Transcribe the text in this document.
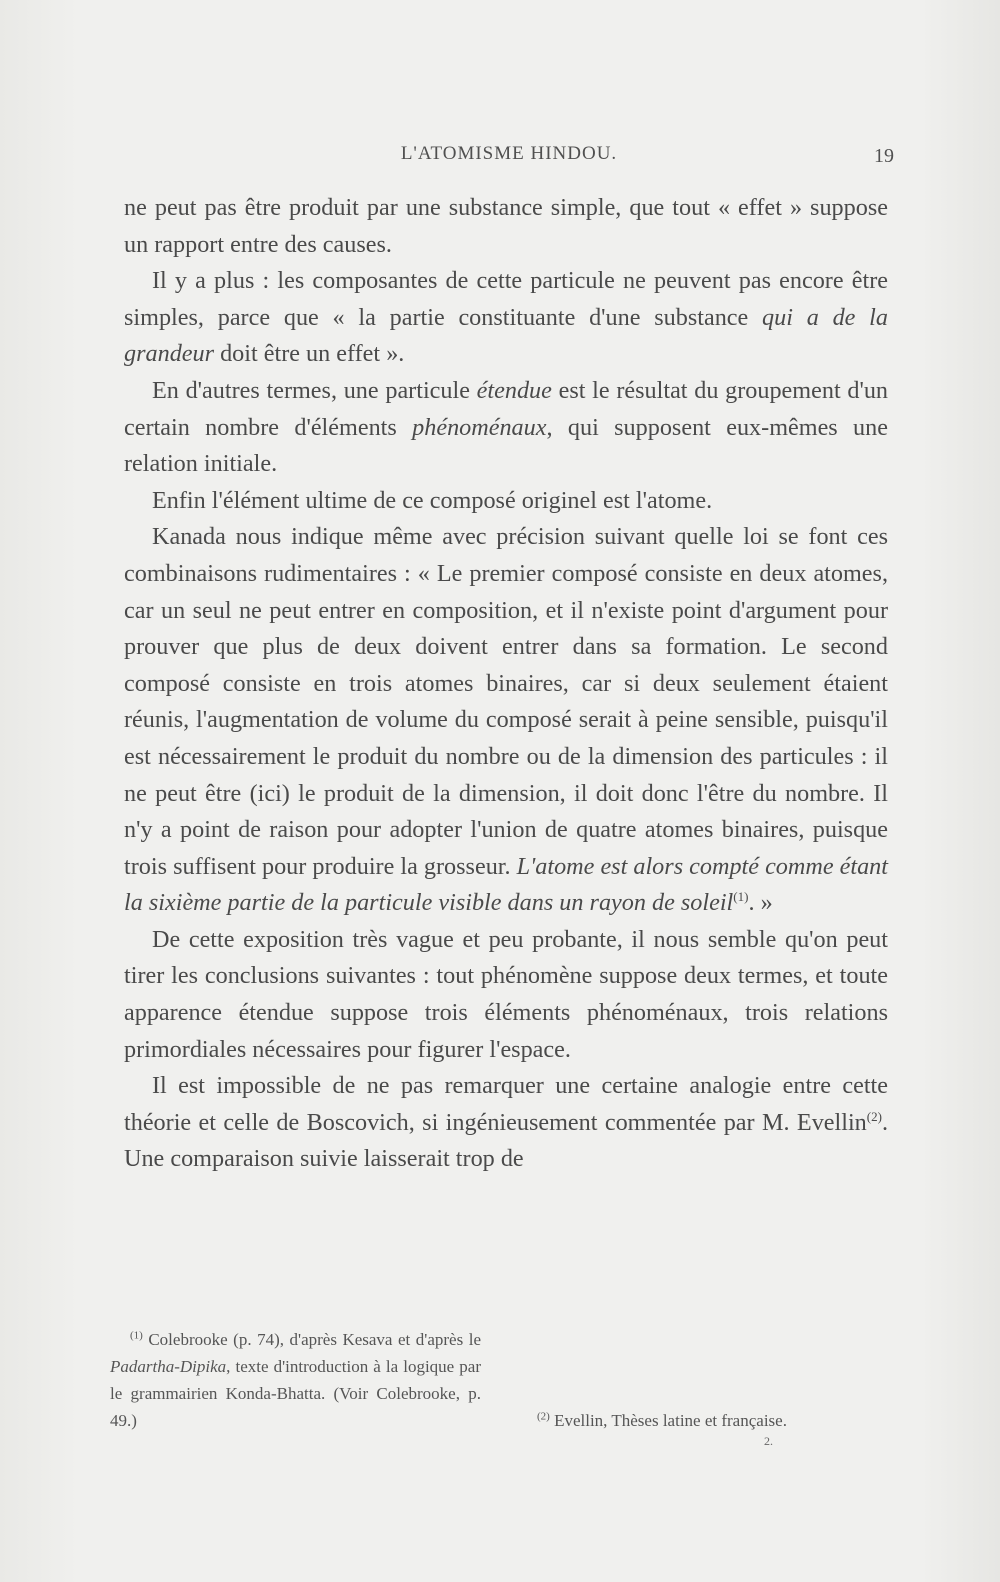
L'ATOMISME HINDOU.	19

ne peut pas être produit par une substance simple, que tout « effet » suppose un rapport entre des causes.

Il y a plus : les composantes de cette particule ne peuvent pas encore être simples, parce que « la partie constituante d'une substance qui a de la grandeur doit être un effet ».

En d'autres termes, une particule étendue est le résultat du groupement d'un certain nombre d'éléments phénoménaux, qui supposent eux-mêmes une relation initiale.

Enfin l'élément ultime de ce composé originel est l'atome.

Kanada nous indique même avec précision suivant quelle loi se font ces combinaisons rudimentaires : « Le premier composé consiste en deux atomes, car un seul ne peut entrer en composition, et il n'existe point d'argument pour prouver que plus de deux doivent entrer dans sa formation. Le second composé consiste en trois atomes binaires, car si deux seulement étaient réunis, l'augmentation de volume du composé serait à peine sensible, puisqu'il est nécessairement le produit du nombre ou de la dimension des particules : il ne peut être (ici) le produit de la dimension, il doit donc l'être du nombre. Il n'y a point de raison pour adopter l'union de quatre atomes binaires, puisque trois suffisent pour produire la grosseur. L'atome est alors compté comme étant la sixième partie de la particule visible dans un rayon de soleil$^{(1)}$. »

De cette exposition très vague et peu probante, il nous semble qu'on peut tirer les conclusions suivantes : tout phénomène suppose deux termes, et toute apparence étendue suppose trois éléments phénoménaux, trois relations primordiales nécessaires pour figurer l'espace.

Il est impossible de ne pas remarquer une certaine analogie entre cette théorie et celle de Boscovich, si ingénieusement commentée par M. Evellin$^{(2)}$. Une comparaison suivie laisserait trop de

$^{(1)}$ Colebrooke (p. 74), d'après Kesava et d'après le Padartha-Dipika, texte d'introduction à la logique par le grammairien Konda-Bhatta. (Voir Colebrooke, p. 49.)	$^{(2)}$ Evellin, Thèses latine et française.

2.
